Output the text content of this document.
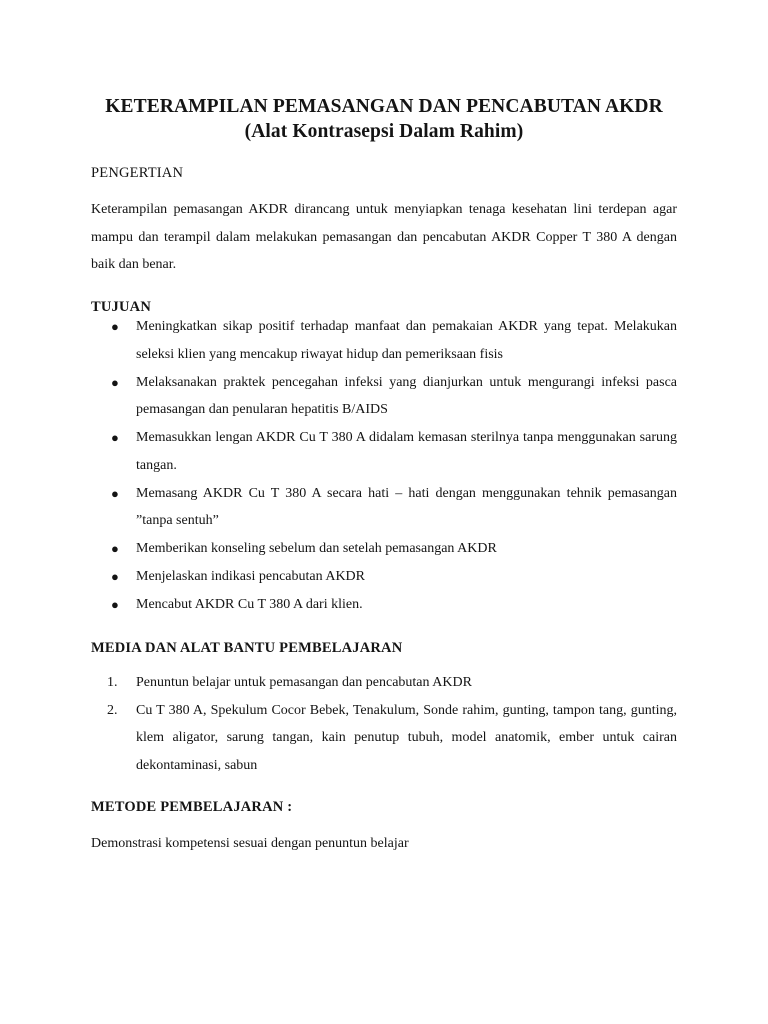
KETERAMPILAN PEMASANGAN DAN PENCABUTAN AKDR
(Alat Kontrasepsi Dalam Rahim)
PENGERTIAN
Keterampilan pemasangan AKDR dirancang untuk menyiapkan tenaga kesehatan lini terdepan agar mampu dan terampil dalam melakukan pemasangan dan pencabutan AKDR Copper T 380 A dengan baik dan benar.
TUJUAN
●	Meningkatkan sikap positif terhadap manfaat dan pemakaian AKDR yang tepat. Melakukan seleksi klien yang mencakup riwayat hidup dan pemeriksaan fisis
●	Melaksanakan praktek pencegahan infeksi yang dianjurkan untuk mengurangi infeksi pasca pemasangan dan penularan hepatitis B/AIDS
●	Memasukkan lengan AKDR Cu T 380 A didalam kemasan sterilnya tanpa menggunakan sarung tangan.
●	Memasang AKDR Cu T 380 A secara hati – hati dengan menggunakan tehnik pemasangan ”tanpa sentuh”
●	Memberikan konseling sebelum dan setelah pemasangan AKDR
●	Menjelaskan indikasi pencabutan AKDR
●	Mencabut AKDR Cu T 380 A dari klien.
MEDIA DAN ALAT BANTU PEMBELAJARAN
1.	Penuntun belajar untuk pemasangan dan pencabutan AKDR
2.	Cu T 380 A, Spekulum Cocor Bebek, Tenakulum, Sonde rahim, gunting, tampon tang, gunting, klem aligator, sarung tangan, kain penutup tubuh, model anatomik, ember untuk cairan dekontaminasi, sabun
METODE PEMBELAJARAN :
Demonstrasi kompetensi sesuai dengan penuntun belajar
